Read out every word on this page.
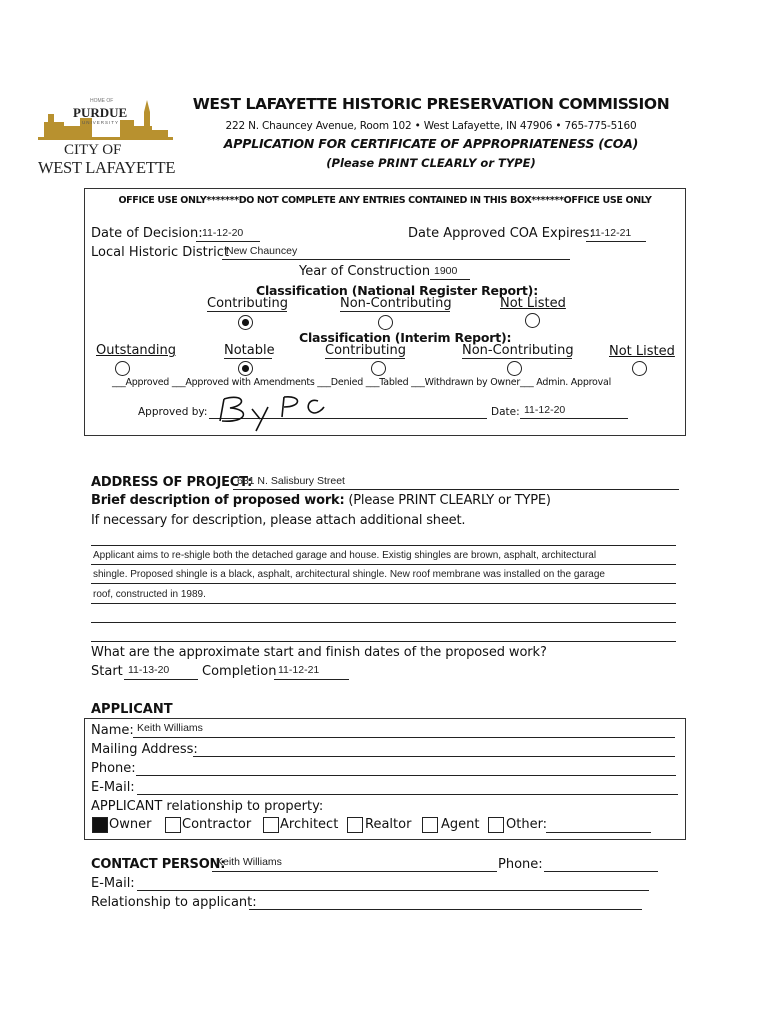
HOME OF
PURDUE
UNIVERSITY
CITY OF
WEST LAFAYETTE
WEST LAFAYETTE HISTORIC PRESERVATION COMMISSION
222 N. Chauncey Avenue, Room 102 • West Lafayette, IN 47906 • 765-775-5160
APPLICATION FOR CERTIFICATE OF APPROPRIATENESS (COA)
(Please PRINT CLEARLY or TYPE)
OFFICE USE ONLY*******DO NOT COMPLETE ANY ENTRIES CONTAINED IN THIS BOX*******OFFICE USE ONLY
Date of Decision: 11-12-20	Date Approved COA Expires:
11-12-21
Local Historic District
New Chauncey
Year of Construction 1900
Classification (National Register Report):
Contributing	Non-Contributing	Not Listed
Classification (Interim Report):
Outstanding	Notable	Contributing	Non-Contributing	Not Listed
___Approved ___Approved with Amendments ___Denied ___Tabled ___Withdrawn by Owner___ Admin. Approval
Approved by:	Date: 11-12-20
ADDRESS OF PROJECT:
631 N. Salisbury Street
Brief description of proposed work: (Please PRINT CLEARLY or TYPE)
If necessary for description, please attach additional sheet.
Applicant aims to re-shigle both the detached garage and house. Existig shingles are brown, asphalt, architectural
shingle. Proposed shingle is a black, asphalt, architectural shingle. New roof membrane was installed on the garage
roof, constructed in 1989.
What are the approximate start and finish dates of the proposed work?
Start 11-13-20	Completion 11-12-21
APPLICANT
Name: Keith Williams
Mailing Address:
Phone:
E-Mail:
APPLICANT relationship to property:
Owner Contractor Architect Realtor Agent Other:
CONTACT PERSON:
Keith Williams	Phone:
E-Mail:
Relationship to applicant:
